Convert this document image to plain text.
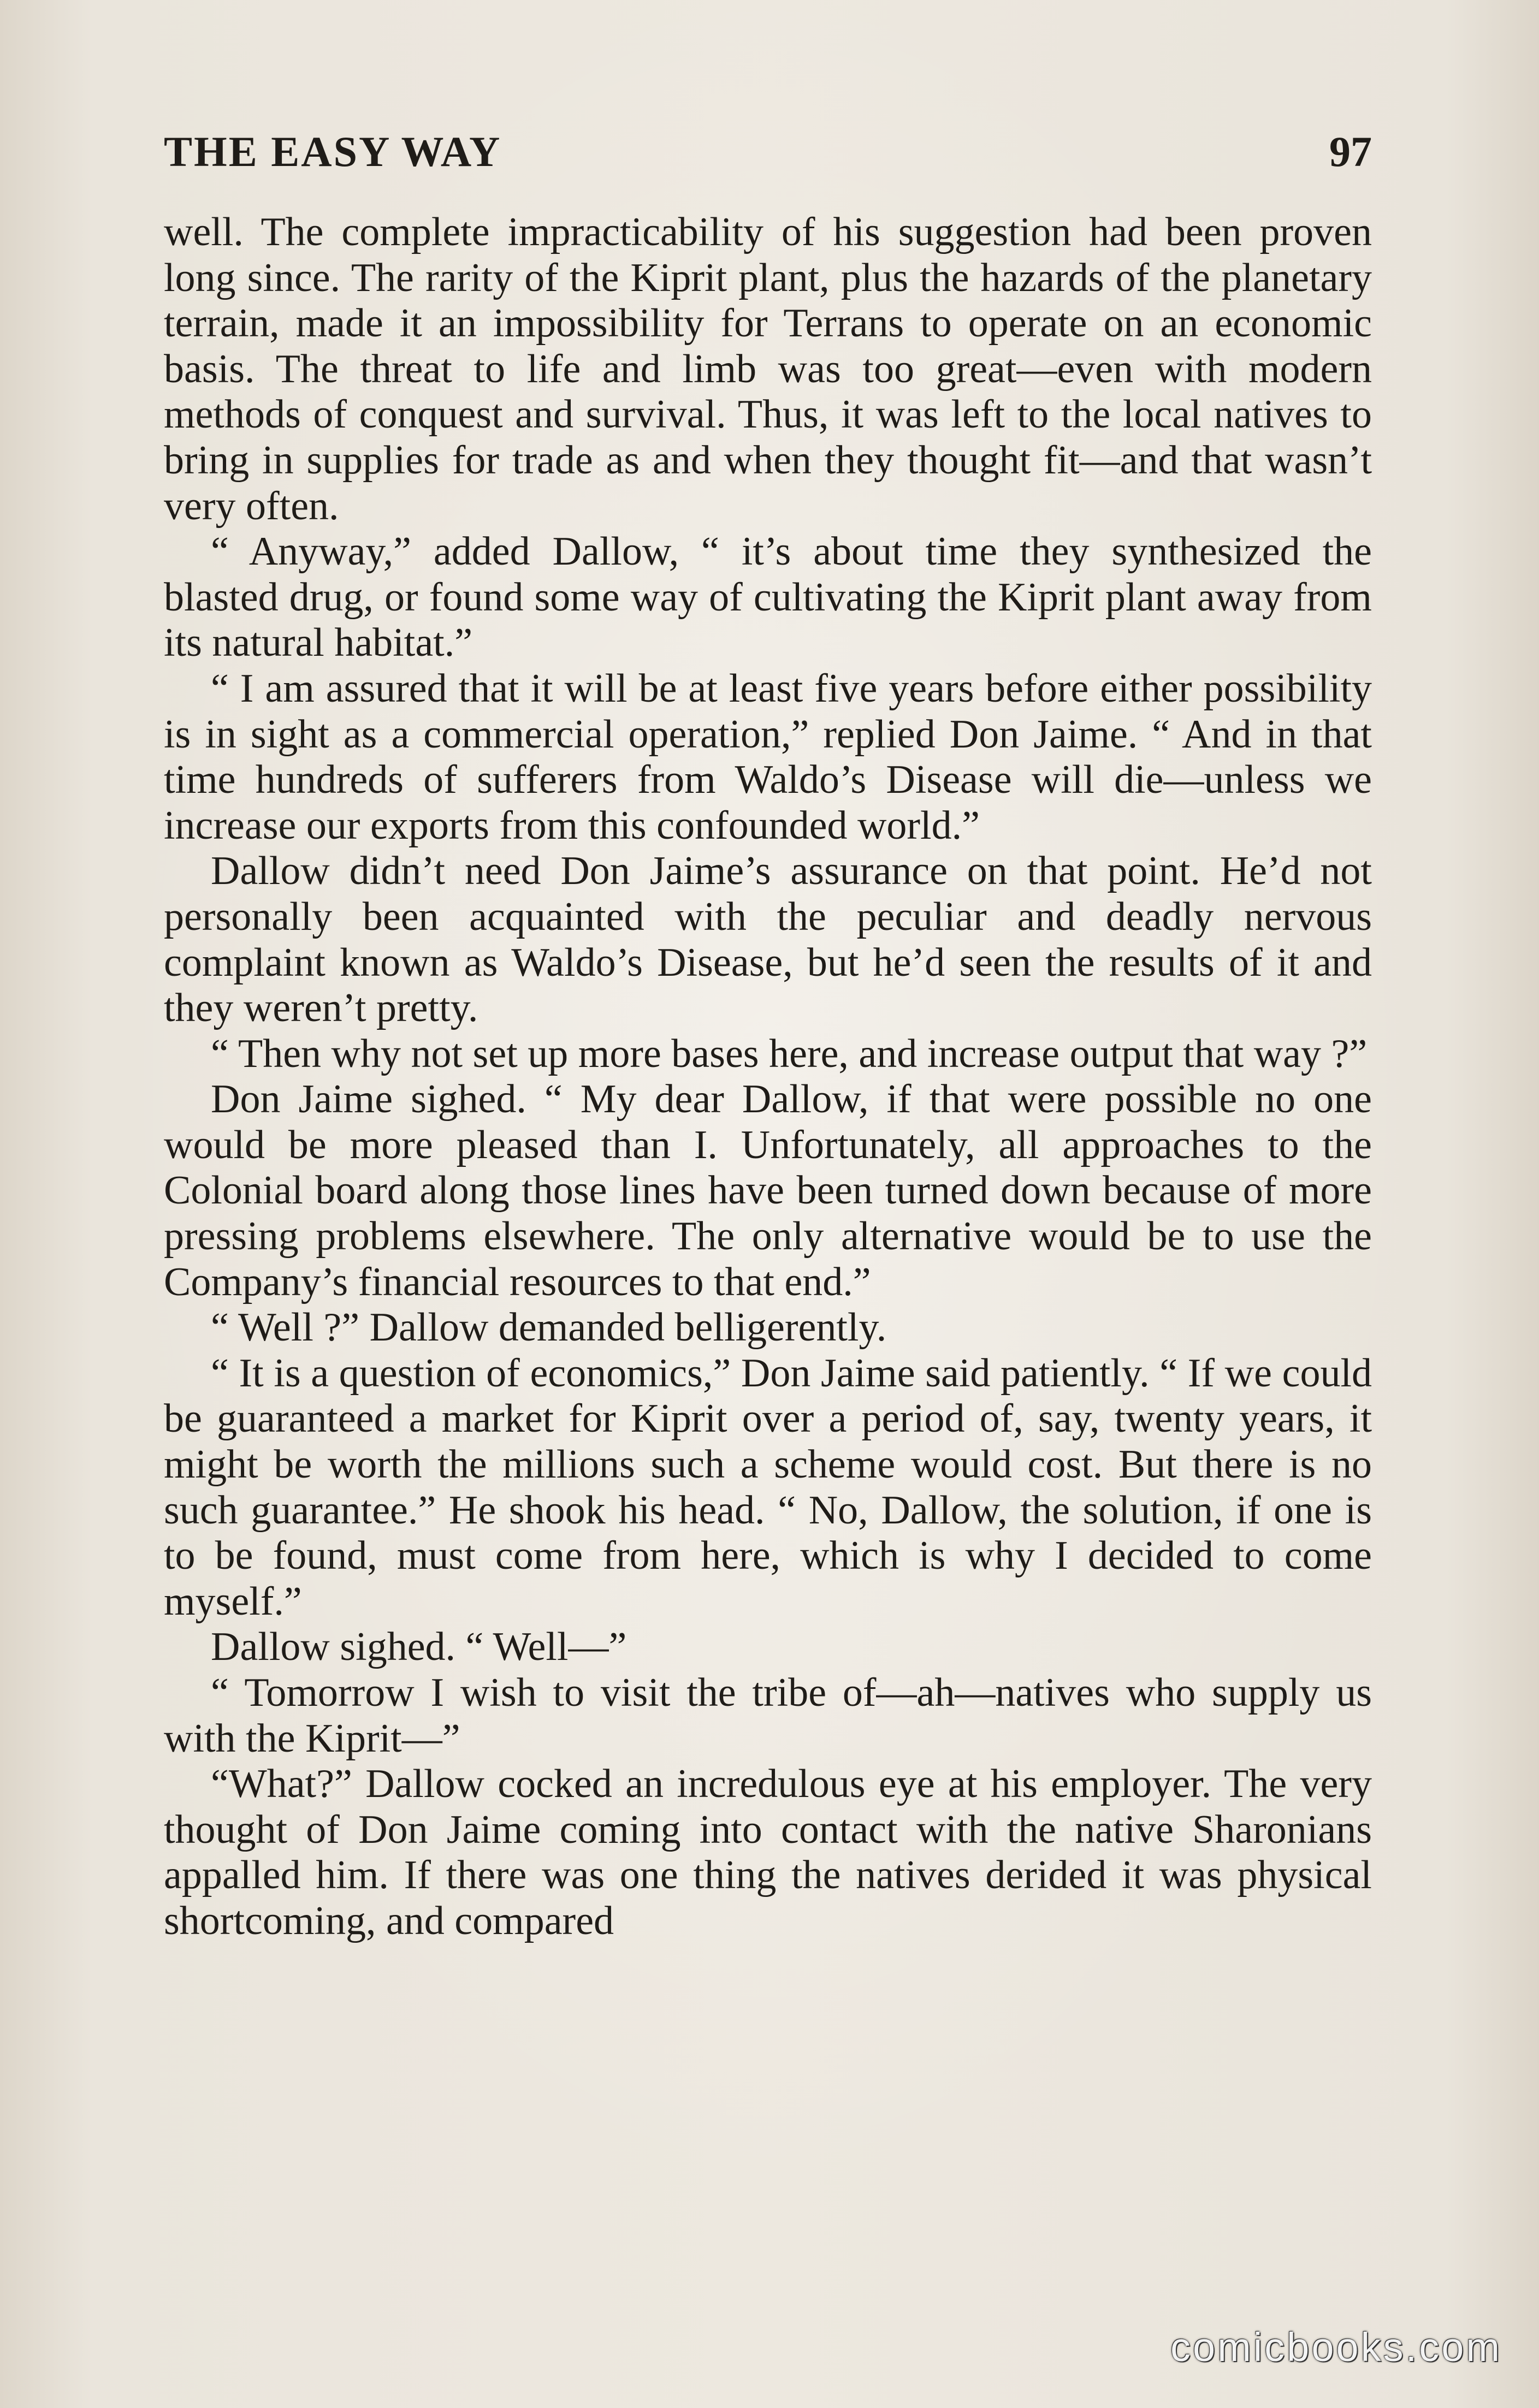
THE EASY WAY	97

well. The complete impracticability of his suggestion had been proven long since. The rarity of the Kiprit plant, plus the hazards of the planetary terrain, made it an impossibility for Terrans to operate on an economic basis. The threat to life and limb was too great—even with modern methods of conquest and survival. Thus, it was left to the local natives to bring in supplies for trade as and when they thought fit—and that wasn’t very often.

“ Anyway,” added Dallow, “ it’s about time they synthesized the blasted drug, or found some way of cultivating the Kiprit plant away from its natural habitat.”

“ I am assured that it will be at least five years before either possibility is in sight as a commercial operation,” replied Don Jaime. “ And in that time hundreds of sufferers from Waldo’s Disease will die—unless we increase our exports from this confounded world.”

Dallow didn’t need Don Jaime’s assurance on that point. He’d not personally been acquainted with the peculiar and deadly nervous complaint known as Waldo’s Disease, but he’d seen the results of it and they weren’t pretty.

“ Then why not set up more bases here, and increase output that way ?”

Don Jaime sighed. “ My dear Dallow, if that were possible no one would be more pleased than I. Unfortunately, all approaches to the Colonial board along those lines have been turned down because of more pressing problems elsewhere. The only alternative would be to use the Company’s financial resources to that end.”

“ Well ?” Dallow demanded belligerently.

“ It is a question of economics,” Don Jaime said patiently. “ If we could be guaranteed a market for Kiprit over a period of, say, twenty years, it might be worth the millions such a scheme would cost. But there is no such guarantee.” He shook his head. “ No, Dallow, the solution, if one is to be found, must come from here, which is why I decided to come myself.”

Dallow sighed. “ Well—”

“ Tomorrow I wish to visit the tribe of—ah—natives who supply us with the Kiprit—”

“What?” Dallow cocked an incredulous eye at his employer. The very thought of Don Jaime coming into contact with the native Sharonians appalled him. If there was one thing the natives derided it was physical shortcoming, and compared

comicbooks.com
